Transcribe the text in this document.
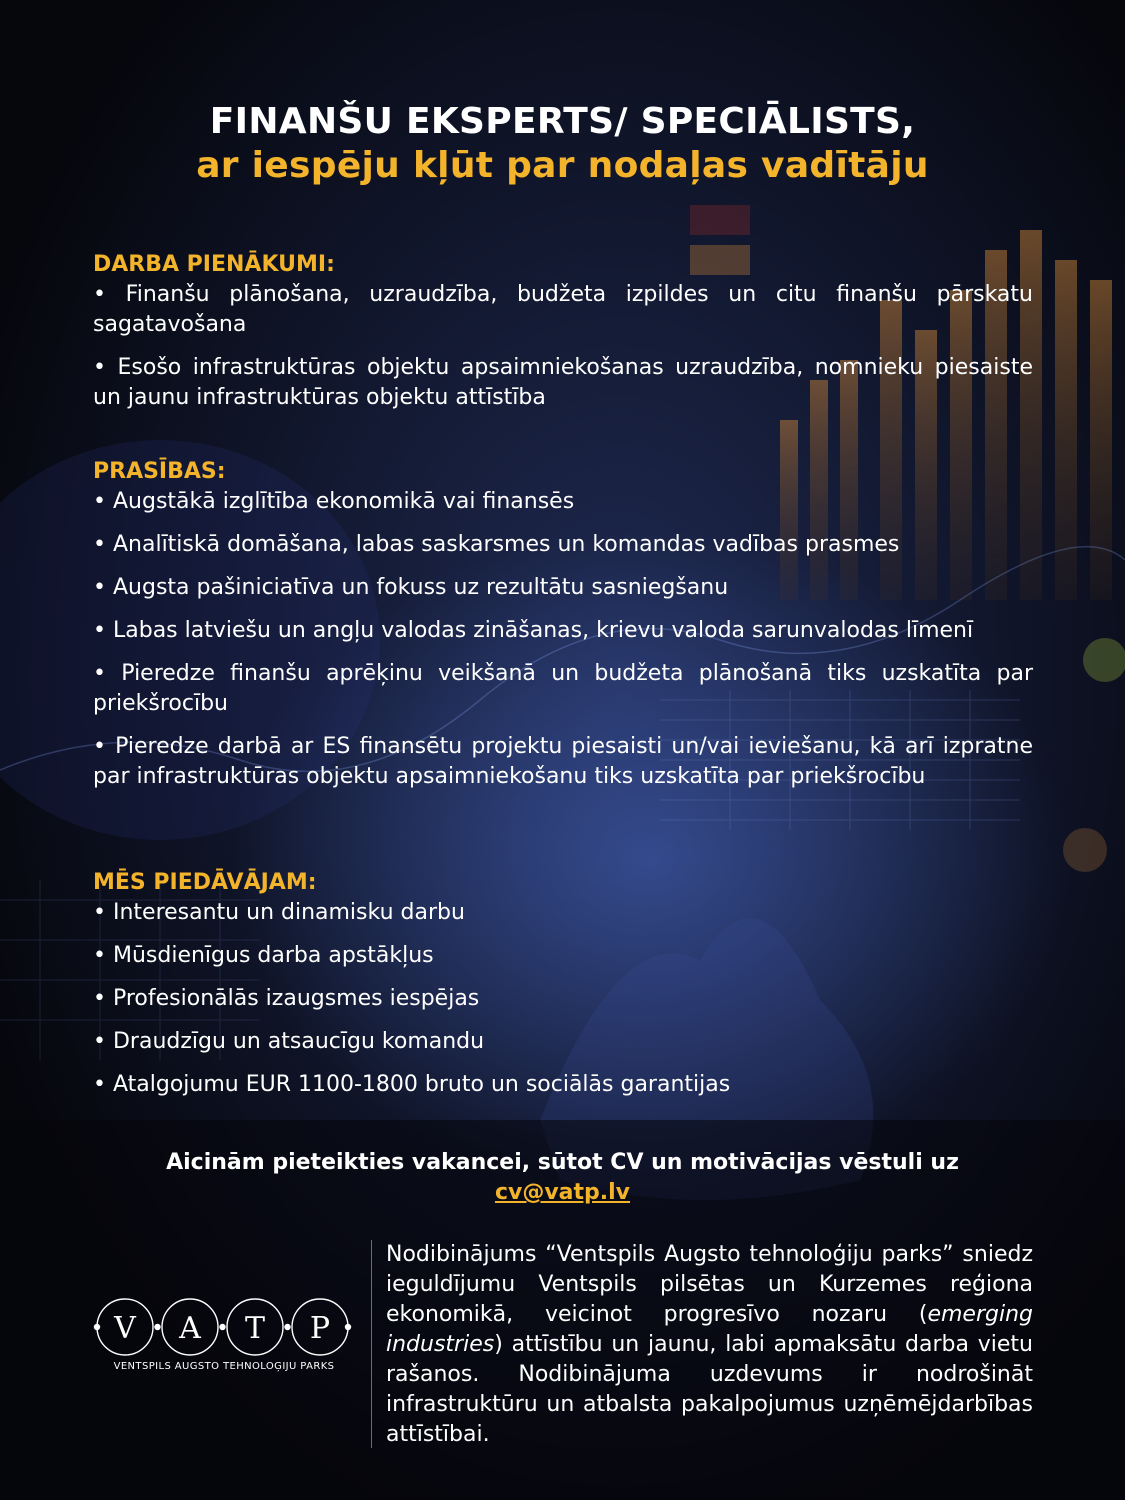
FINANŠU EKSPERTS/ SPECIĀLISTS,
ar iespēju kļūt par nodaļas vadītāju
DARBA PIENĀKUMI:
• Finanšu plānošana, uzraudzība, budžeta izpildes un citu finanšu pārskatu sagatavošana
• Esošo infrastruktūras objektu apsaimniekošanas uzraudzība, nomnieku piesaiste un jaunu infrastruktūras objektu attīstība
PRASĪBAS:
• Augstākā izglītība ekonomikā vai finansēs
• Analītiskā domāšana, labas saskarsmes un komandas vadības prasmes
• Augsta pašiniciatīva un fokuss uz rezultātu sasniegšanu
• Labas latviešu un angļu valodas zināšanas, krievu valoda sarunvalodas līmenī
• Pieredze finanšu aprēķinu veikšanā un budžeta plānošanā tiks uzskatīta par priekšrocību
• Pieredze darbā ar ES finansētu projektu piesaisti un/vai ieviešanu, kā arī izpratne par infrastruktūras objektu apsaimniekošanu tiks uzskatīta par priekšrocību
MĒS PIEDĀVĀJAM:
• Interesantu un dinamisku darbu
• Mūsdienīgus darba apstākļus
• Profesionālās izaugsmes iespējas
• Draudzīgu un atsaucīgu komandu
• Atalgojumu EUR 1100-1800 bruto un sociālās garantijas
Aicinām pieteikties vakancei, sūtot CV un motivācijas vēstuli uz
cv@vatp.lv
V A T P
VENTSPILS AUGSTO TEHNOLOĢIJU PARKS
Nodibinājums “Ventspils Augsto tehnoloģiju parks” sniedz ieguldījumu Ventspils pilsētas un Kurzemes reģiona ekonomikā, veicinot progresīvo nozaru (emerging industries) attīstību un jaunu, labi apmaksātu darba vietu rašanos. Nodibinājuma uzdevums ir nodrošināt infrastruktūru un atbalsta pakalpojumus uzņēmējdarbības attīstībai.
